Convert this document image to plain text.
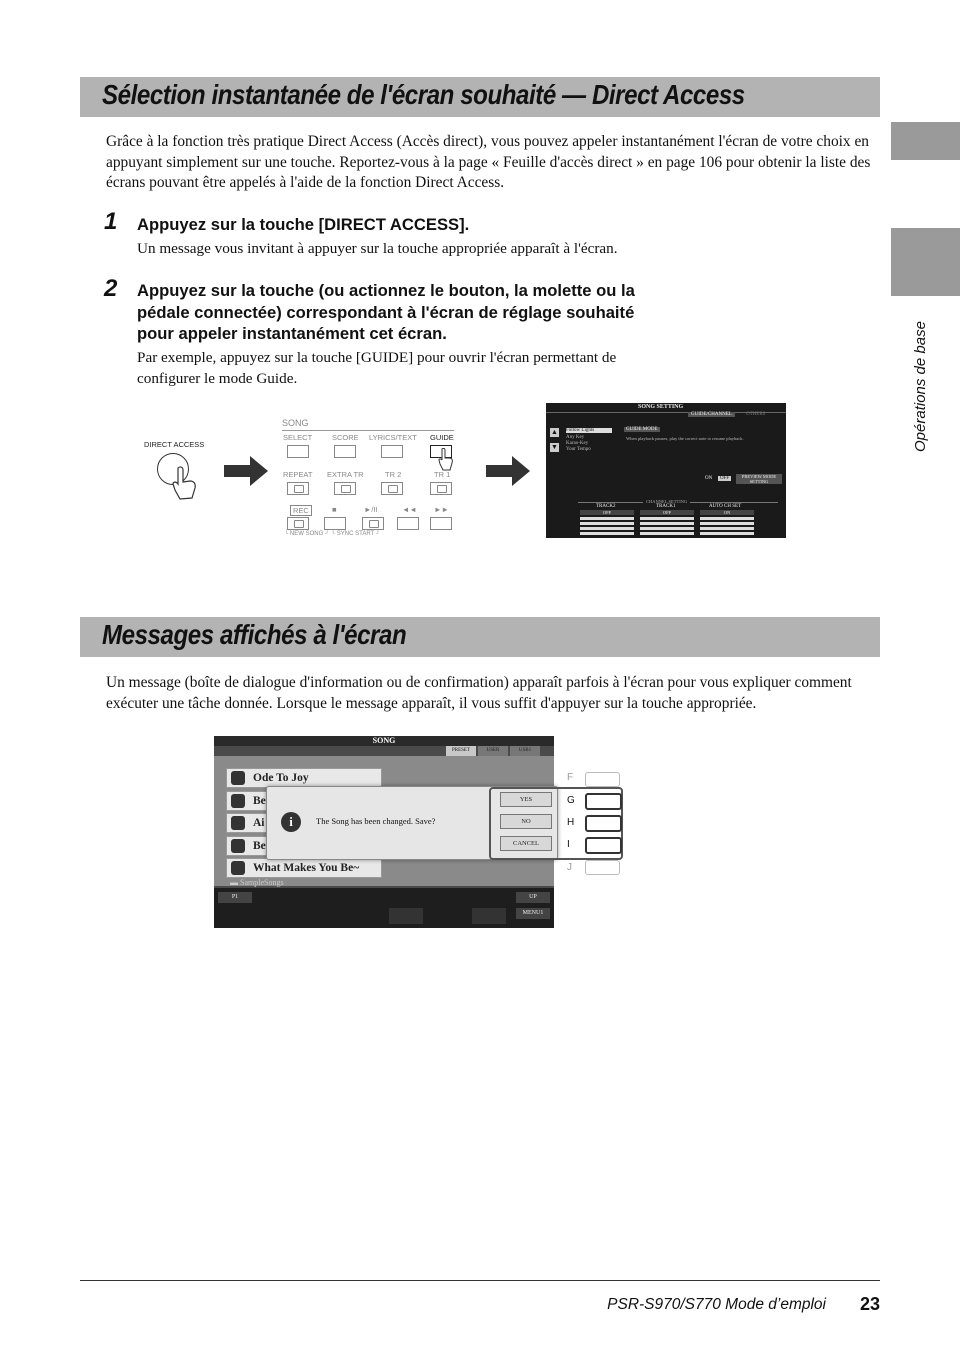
Opérations de base
Sélection instantanée de l'écran souhaité — Direct Access
Grâce à la fonction très pratique Direct Access (Accès direct), vous pouvez appeler instantanément l'écran de votre choix en appuyant simplement sur une touche. Reportez-vous à la page « Feuille d'accès direct » en page 106 pour obtenir la liste des écrans pouvant être appelés à l'aide de la fonction Direct Access.
1 Appuyez sur la touche [DIRECT ACCESS].
Un message vous invitant à appuyer sur la touche appropriée apparaît à l'écran.
2 Appuyez sur la touche (ou actionnez le bouton, la molette ou la pédale connectée) correspondant à l'écran de réglage souhaité pour appeler instantanément cet écran.
Par exemple, appuyez sur la touche [GUIDE] pour ouvrir l'écran permettant de configurer le mode Guide.
DIRECT ACCESS
SONG
SELECT	SCORE LYRICS/TEXT GUIDE
REPEAT EXTRA TR	TR 2	TR 1
REC	■	►/II	◄◄ ►►
└ NEW SONG ┘ └ SYNC START ┘
SONG SETTING
GUIDE/CHANNEL	OTHERS
▲
▼
Follow Lights
Any Key
Karao-Key
Your Tempo
GUIDE MODE
When playback pauses, play the correct note to resume playback.
ON	OFF	PREVIEW MODE SETTING
CHANNEL SETTING
TRACK2	TRACK1	AUTO CH SET
OFF	OFF	ON
Messages affichés à l'écran
Un message (boîte de dialogue d'information ou de confirmation) apparaît parfois à l'écran pour vous expliquer comment exécuter une tâche donnée. Lorsque le message apparaît, il vous suffit d'appuyer sur la touche appropriée.
SONG
PRESET	USER	USB1
▬ SampleSongs
P1	UP
MENU1
Ode To Joy
Be
Ai
Be
What Makes You Be~
i	The Song has been changed. Save?
YES
NO
CANCEL
F
G
H
I
J
PSR-S970/S770 Mode d’emploi 23
